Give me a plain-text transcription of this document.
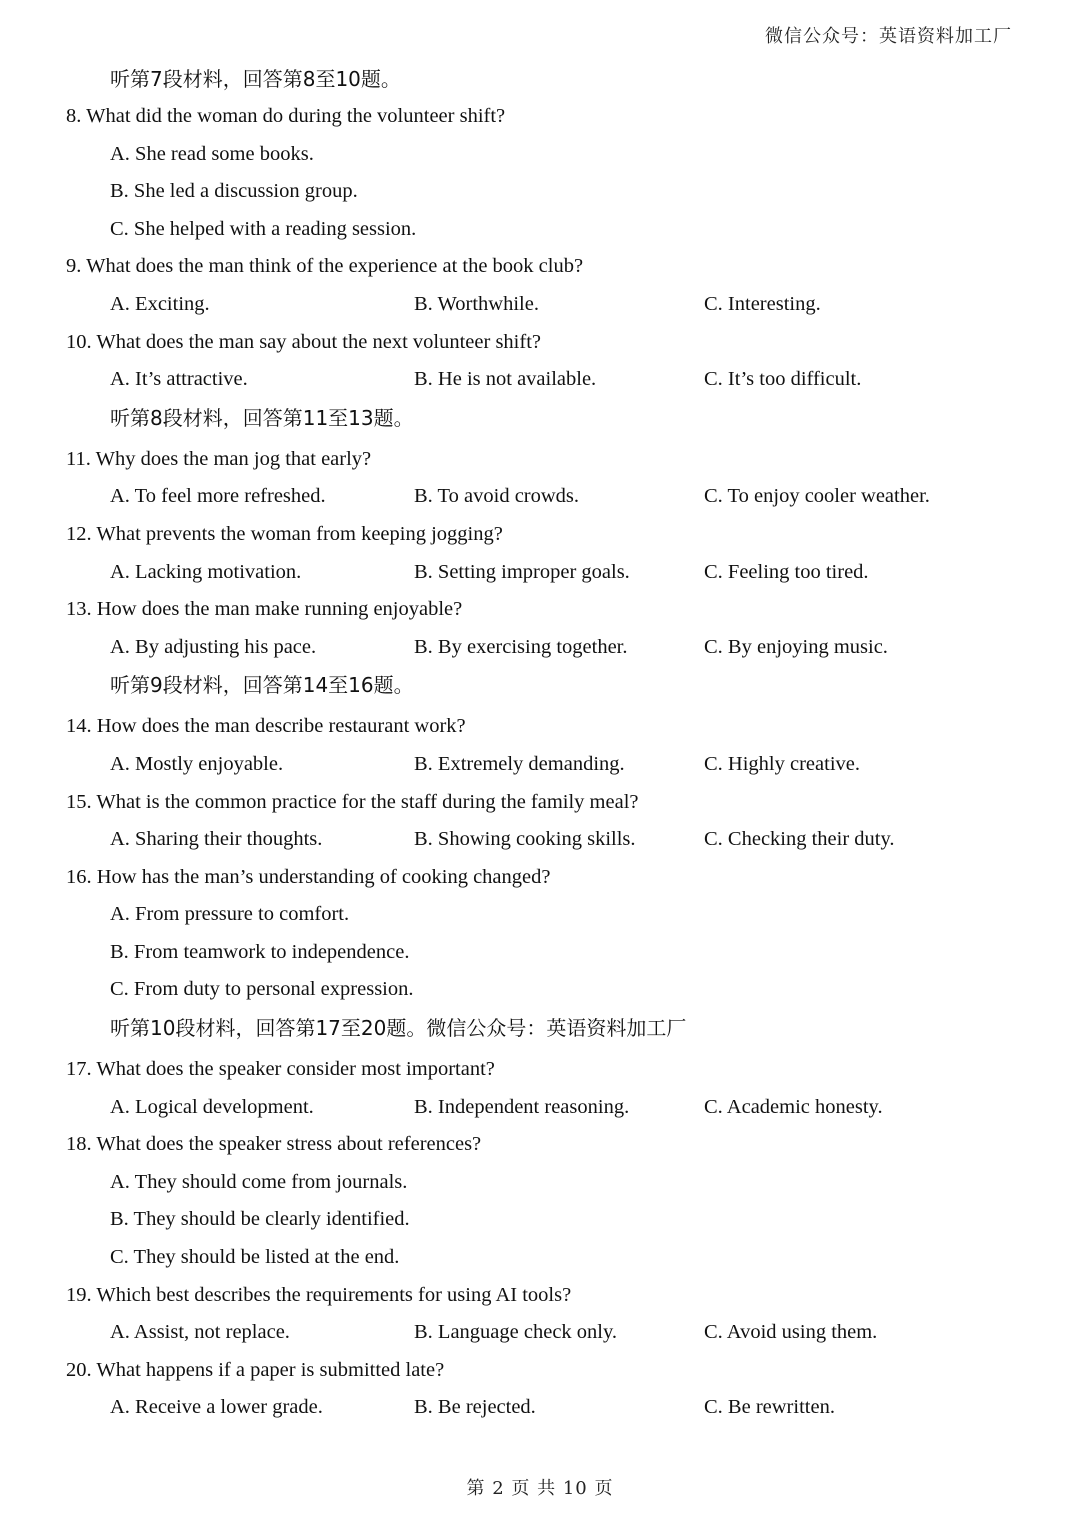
微信公众号：英语资料加工厂
听第7段材料，回答第8至10题。
8. What did the woman do during the volunteer shift?
A. She read some books.
B. She led a discussion group.
C. She helped with a reading session.
9. What does the man think of the experience at the book club?
A. Exciting.	B. Worthwhile.	C. Interesting.
10. What does the man say about the next volunteer shift?
A. It’s attractive.	B. He is not available.	C. It’s too difficult.
听第8段材料，回答第11至13题。
11. Why does the man jog that early?
A. To feel more refreshed.	B. To avoid crowds.	C. To enjoy cooler weather.
12. What prevents the woman from keeping jogging?
A. Lacking motivation.	B. Setting improper goals.	C. Feeling too tired.
13. How does the man make running enjoyable?
A. By adjusting his pace.	B. By exercising together.	C. By enjoying music.
听第9段材料，回答第14至16题。
14. How does the man describe restaurant work?
A. Mostly enjoyable.	B. Extremely demanding.	C. Highly creative.
15. What is the common practice for the staff during the family meal?
A. Sharing their thoughts.	B. Showing cooking skills.	C. Checking their duty.
16. How has the man’s understanding of cooking changed?
A. From pressure to comfort.
B. From teamwork to independence.
C. From duty to personal expression.
听第10段材料，回答第17至20题。微信公众号：英语资料加工厂
17. What does the speaker consider most important?
A. Logical development.	B. Independent reasoning.	C. Academic honesty.
18. What does the speaker stress about references?
A. They should come from journals.
B. They should be clearly identified.
C. They should be listed at the end.
19. Which best describes the requirements for using AI tools?
A. Assist, not replace.	B. Language check only.	C. Avoid using them.
20. What happens if a paper is submitted late?
A. Receive a lower grade.	B. Be rejected.	C. Be rewritten.
第 2 页 共 10 页
